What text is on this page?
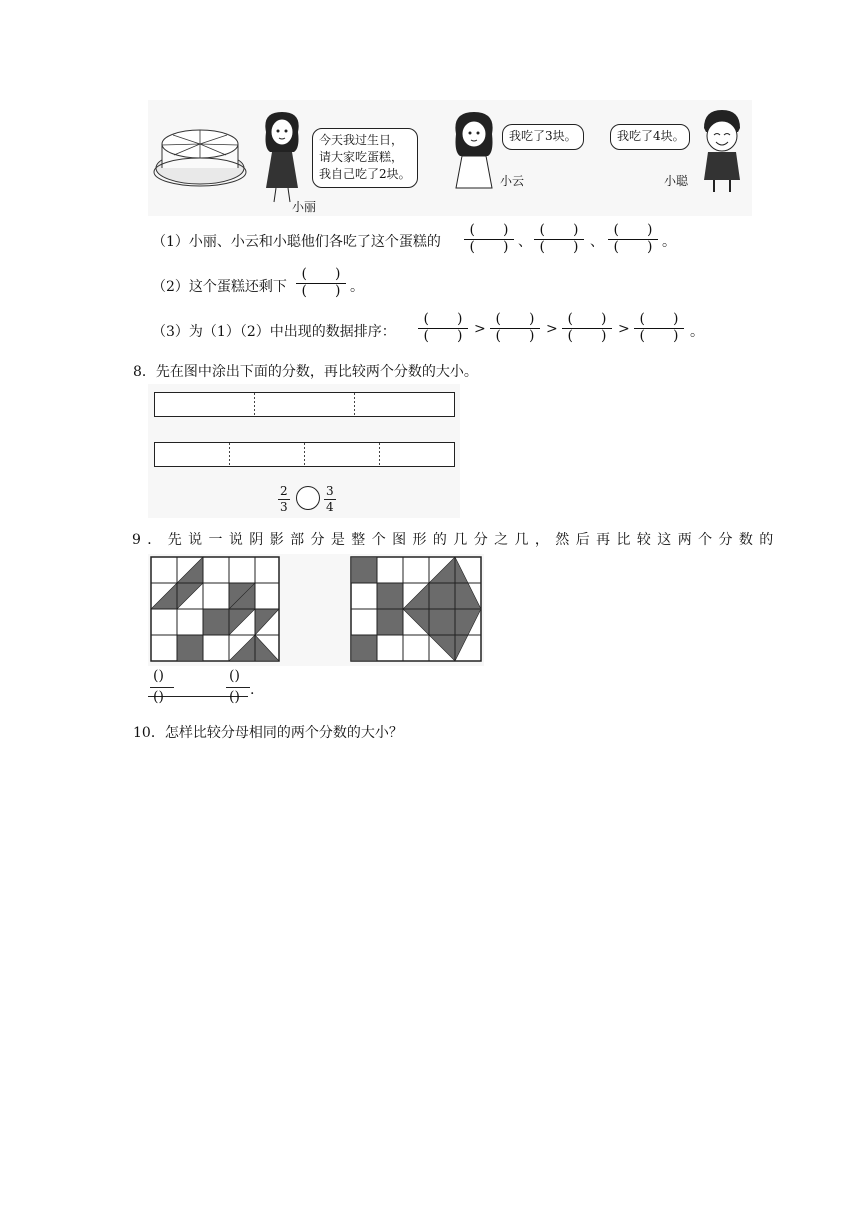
小丽
今天我过生日，
请大家吃蛋糕，
我自己吃了2块。	小云
我吃了3块。	我吃了4块。
小聪
（1）小丽、小云和小聪他们各吃了这个蛋糕的
(　　)
(　　) 、
(　　)
(　　) 、
(　　)
(　　) 。
（2）这个蛋糕还剩下
(　　)
(　　) 。
（3）为（1）（2）中出现的数据排序：
(　　)
(　　) >
(　　)
(　　) >
(　　)
(　　) >
(　　)
(　　) 。
8．先在图中涂出下面的分数，再比较两个分数的大小。
2
3
3
4
9．先说一说阴影部分是整个图形的几分之几，然后再比较这两个分数的
()
()
()
() .
10．怎样比较分母相同的两个分数的大小？
